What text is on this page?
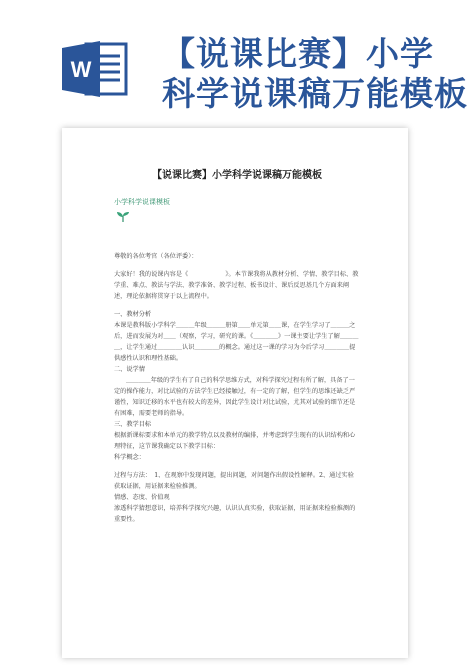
W 【说课比赛】小学
科学说课稿万能模板
【说课比赛】小学科学说课稿万能模板
小学科学说课模板

尊敬的各位考官（各位评委）：

大家好！我的说课内容是《　　　　　　》。本节课我将从教材分析、学情、教学目标、教学重、难点、教法与学法、教学准备、教学过程、板书设计、课后反思基几个方面来阐述，理论依据将贯穿于以上流程中。

一、教材分析

本课是教科版小学科学＿＿＿年级＿＿＿册第＿＿单元第＿＿课，在学生学习了＿＿＿之后，进而发展为对＿＿（观察，学习，研究的课。《＿＿＿＿》一课主要让学生了解＿＿＿＿，让学生通过＿＿＿＿认识＿＿＿＿的概念。通过这一课的学习为今后学习＿＿＿＿提供感性认识和理性基础。

二、说学情

＿＿＿＿年级的学生有了自己的科学思维方式，对科学探究过程有所了解，具备了一定的操作能力，对比试验的方法学生已经接触过，有一定的了解，但学生的思维还缺乏严谨性，知识迁移的水平也有较大的差异，因此学生设计对比试验，尤其对试验的细节还是有困难，需要老师的指导。

三、教学目标

根据新课标要求和本单元的教学特点以及教材的编排，并考虑到学生现有的认识结构和心理特征，这节课我确定以下教学目标：

科学概念：

过程与方法：　1、在观察中发现问题，提出问题，对问题作出假设性解释。2、通过实验获取证据，用证据来检验推测。

情感、态度、价值观

渗透科学猜想意识，培养科学探究兴趣，认识认真实验，获取证据，用证据来检验推测的重要性。
